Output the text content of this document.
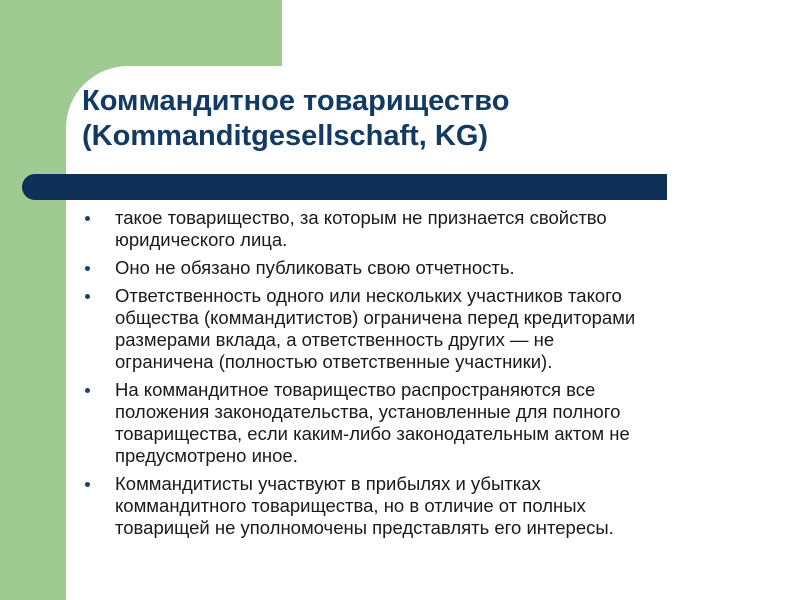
Коммандитное товарищество
(Kommanditgesellschaft, KG)
такое товарищество, за которым не признается свойство
юридического лица.
Оно не обязано публиковать свою отчетность.
Ответственность одного или нескольких участников такого
общества (коммандитистов) ограничена перед кредиторами
размерами вклада, а ответственность других — не
ограничена (полностью ответственные участники).
На коммандитное товарищество распространяются все
положения законодательства, установленные для полного
товарищества, если каким-либо законодательным актом не
предусмотрено иное.
Коммандитисты участвуют в прибылях и убытках
коммандитного товарищества, но в отличие от полных
товарищей не уполномочены представлять его интересы.
